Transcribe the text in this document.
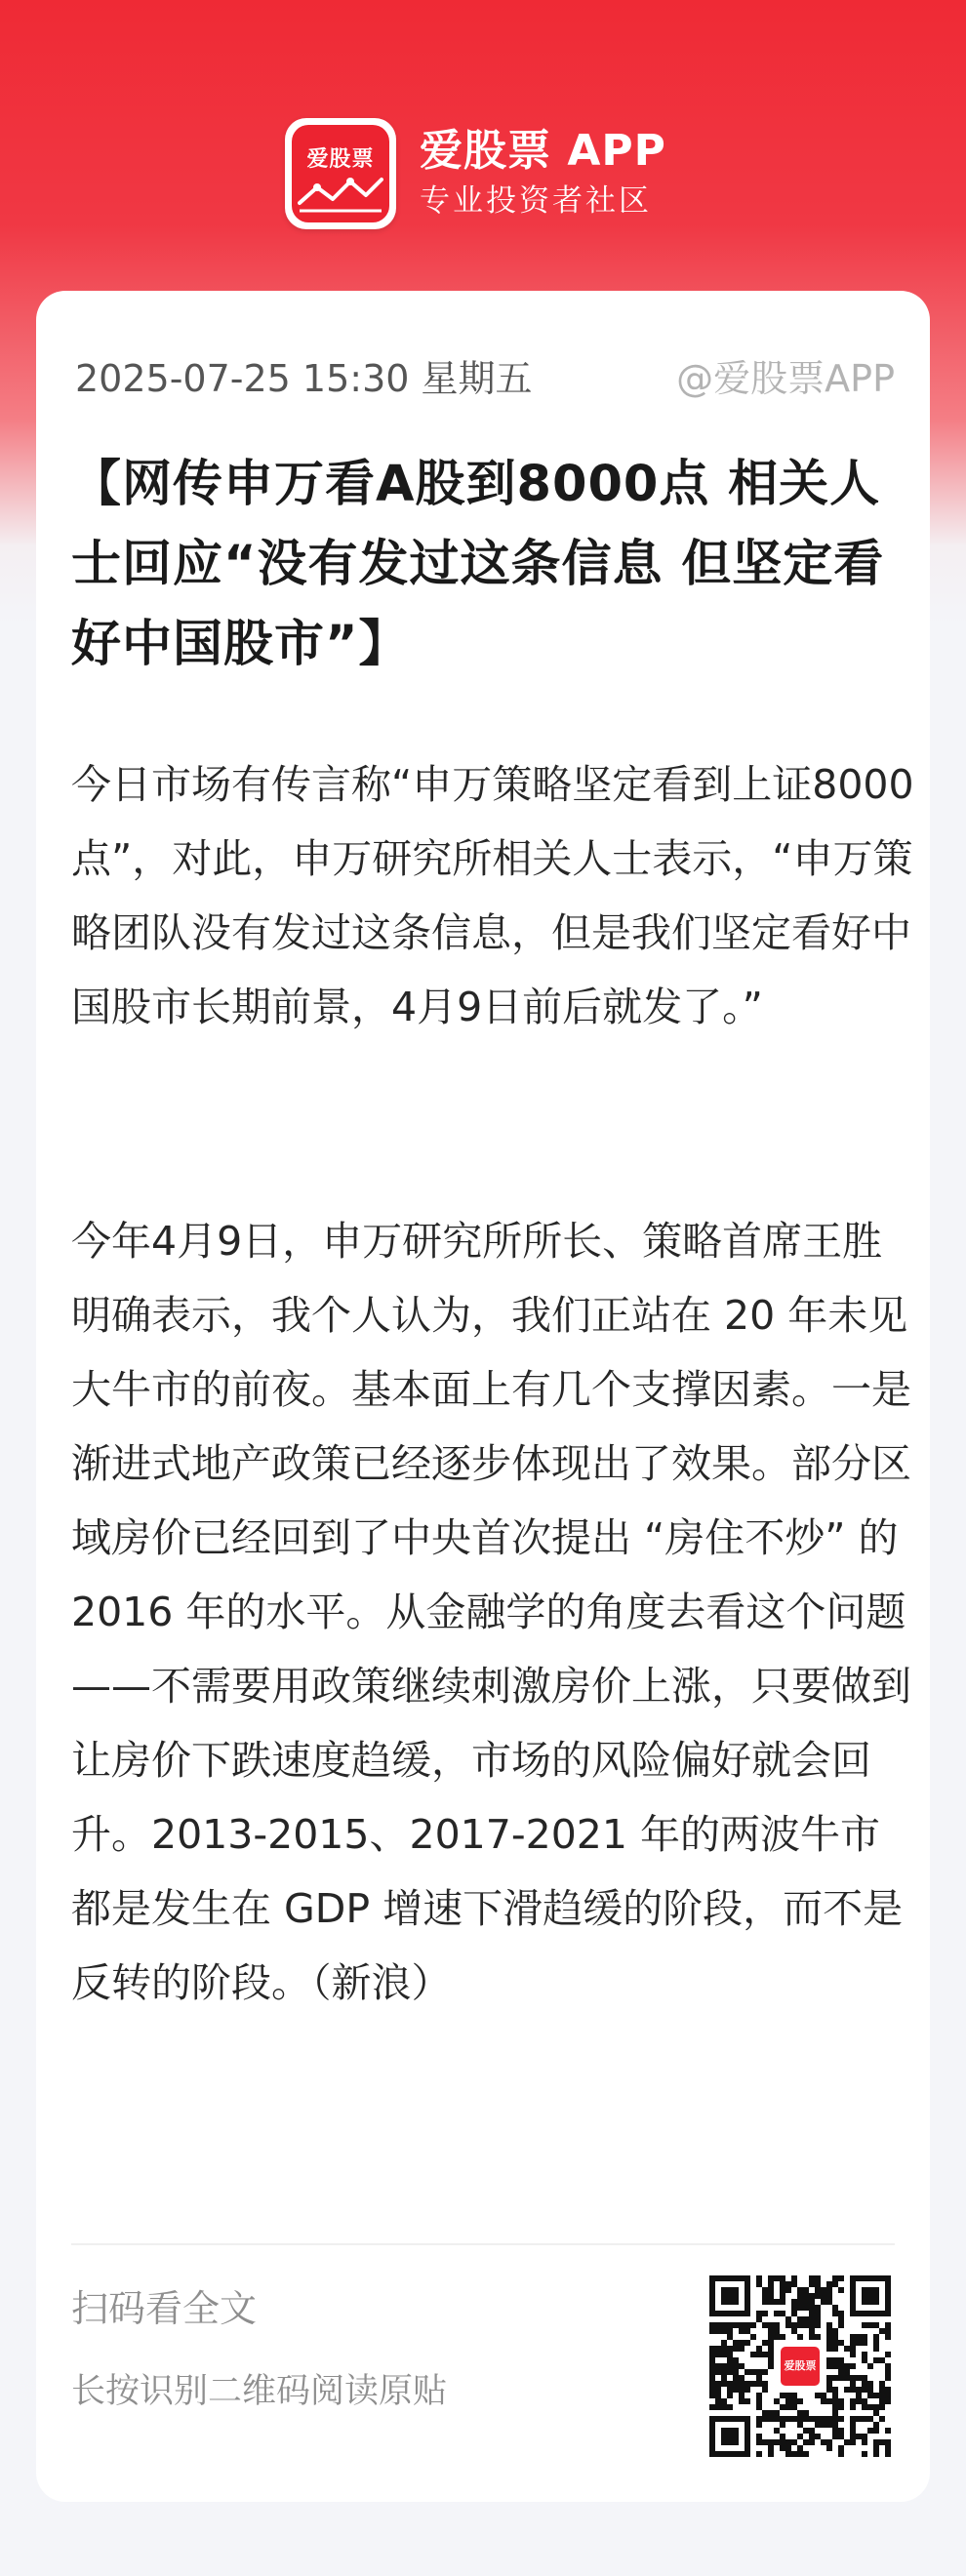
爱股票	爱股票 APP
专业投资者社区
2025-07-25 15:30 星期五	@爱股票APP
【网传申万看A股到8000点 相关人士回应“没有发过这条信息 但坚定看好中国股市”】

今日市场有传言称“申万策略坚定看到上证8000点”，对此，申万研究所相关人士表示，“申万策略团队没有发过这条信息，但是我们坚定看好中国股市长期前景，4月9日前后就发了。”

今年4月9日，申万研究所所长、策略首席王胜明确表示，我个人认为，我们正站在 20 年未见大牛市的前夜。基本面上有几个支撑因素。一是渐进式地产政策已经逐步体现出了效果。部分区域房价已经回到了中央首次提出 “房住不炒” 的 2016 年的水平。从金融学的角度去看这个问题——不需要用政策继续刺激房价上涨，只要做到让房价下跌速度趋缓，市场的风险偏好就会回升。2013-2015、2017-2021 年的两波牛市都是发生在 GDP 增速下滑趋缓的阶段，而不是反转的阶段。（新浪）

扫码看全文
长按识别二维码阅读原贴
爱股票
